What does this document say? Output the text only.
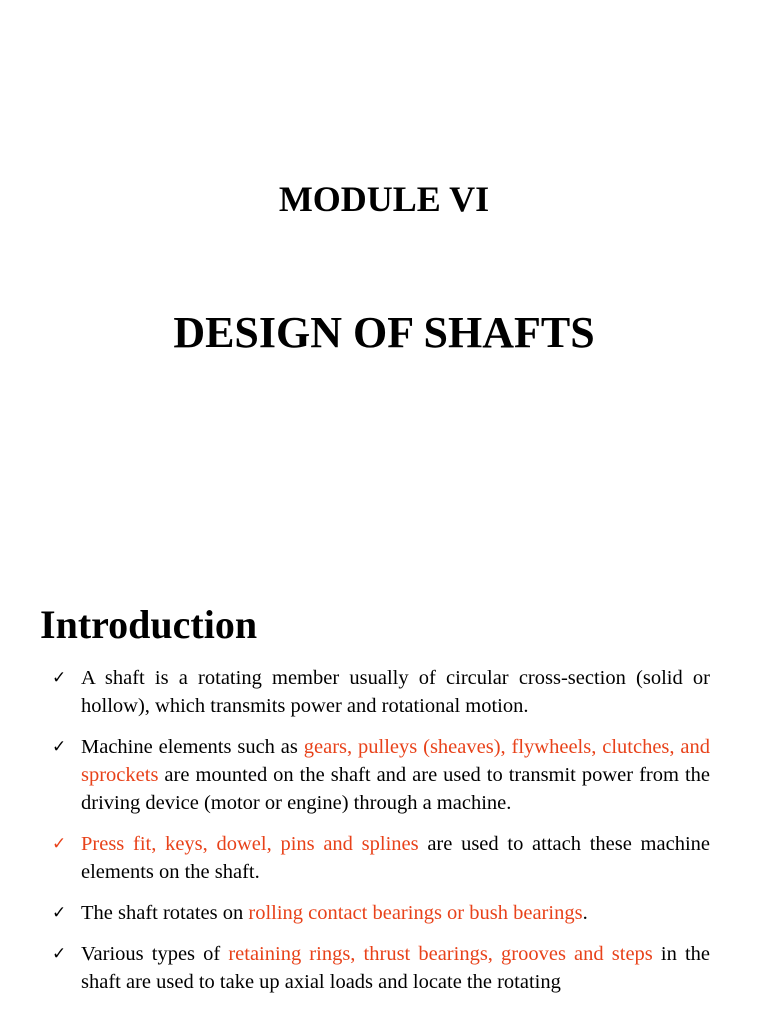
MODULE VI
DESIGN OF SHAFTS
Introduction
✓ A shaft is a rotating member usually of circular cross-section (solid or hollow), which transmits power and rotational motion.
✓ Machine elements such as gears, pulleys (sheaves), flywheels, clutches, and sprockets are mounted on the shaft and are used to transmit power from the driving device (motor or engine) through a machine.
✓ Press fit, keys, dowel, pins and splines are used to attach these machine elements on the shaft.
✓ The shaft rotates on rolling contact bearings or bush bearings.
✓ Various types of retaining rings, thrust bearings, grooves and steps in the shaft are used to take up axial loads and locate the rotating
